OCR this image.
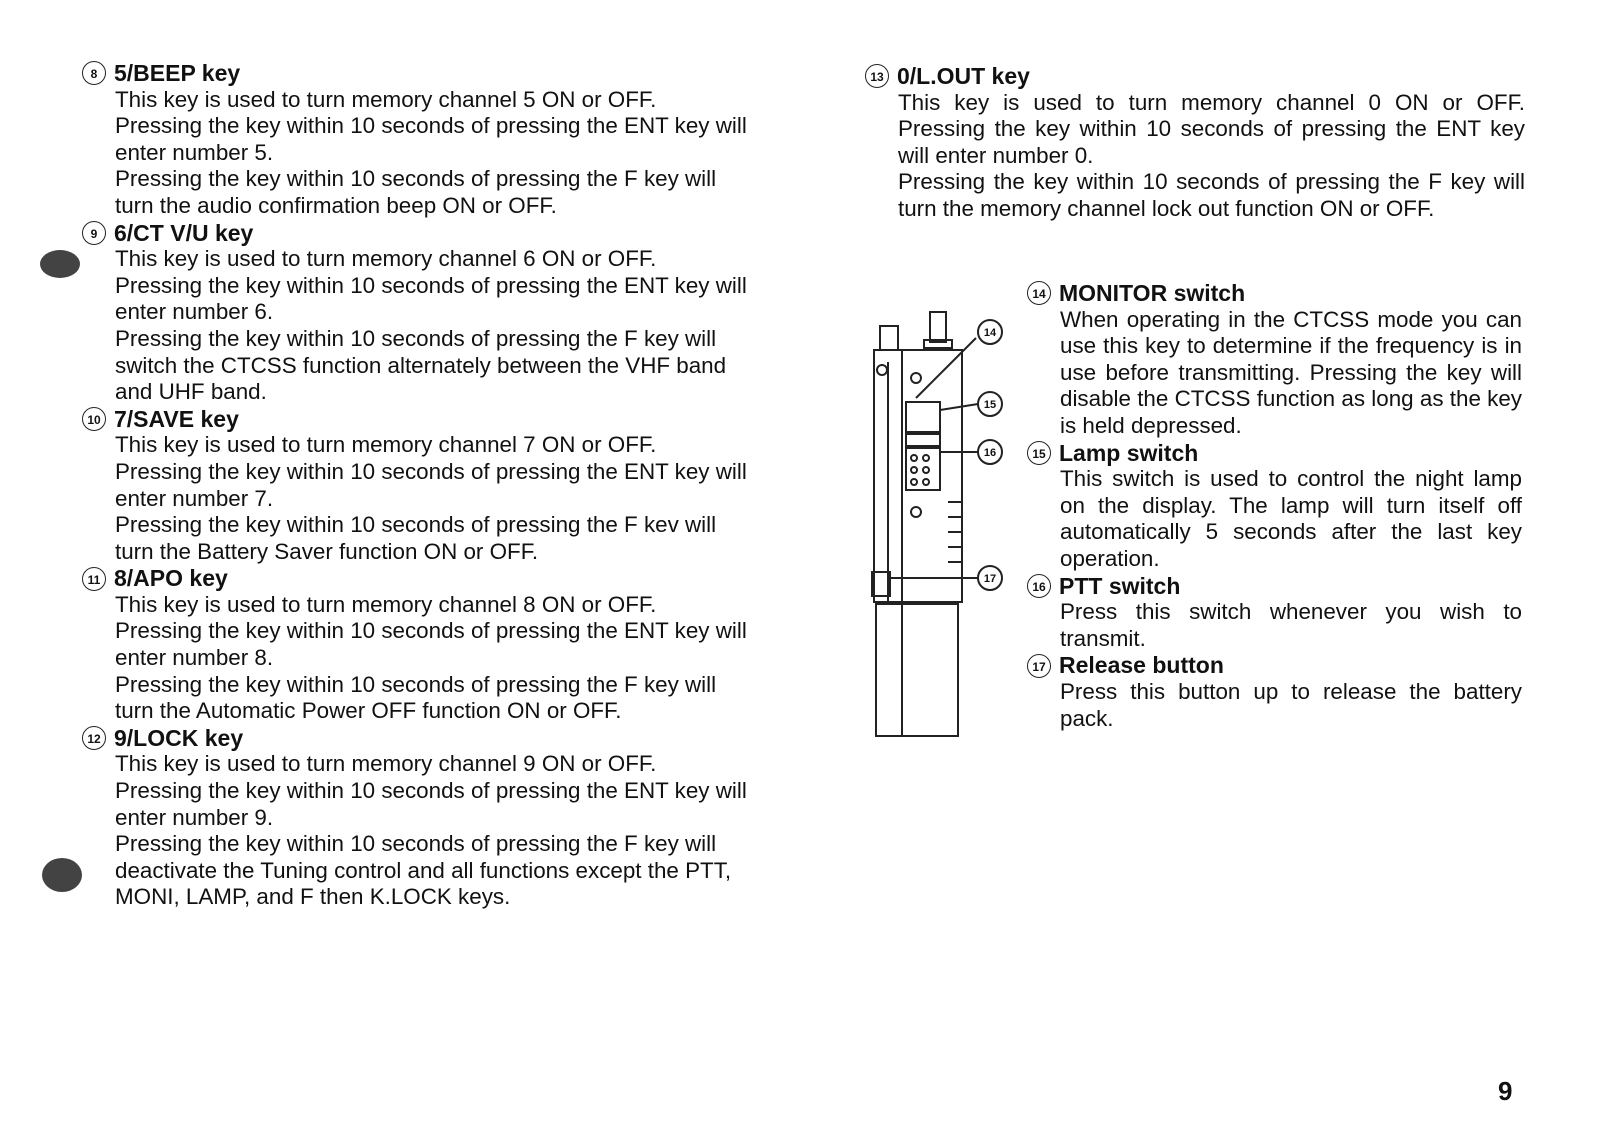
8 5/BEEP key

This key is used to turn memory channel 5 ON or OFF. Pressing the key within 10 seconds of pressing the ENT key will enter number 5.

Pressing the key within 10 seconds of pressing the F key will turn the audio confirmation beep ON or OFF.

9 6/CT V/U key

This key is used to turn memory channel 6 ON or OFF. Pressing the key within 10 seconds of pressing the ENT key will enter number 6.

Pressing the key within 10 seconds of pressing the F key will switch the CTCSS function alternately between the VHF band and UHF band.

10 7/SAVE key

This key is used to turn memory channel 7 ON or OFF. Pressing the key within 10 seconds of pressing the ENT key will enter number 7.

Pressing the key within 10 seconds of pressing the F kev will turn the Battery Saver function ON or OFF.

11 8/APO key

This key is used to turn memory channel 8 ON or OFF. Pressing the key within 10 seconds of pressing the ENT key will enter number 8.

Pressing the key within 10 seconds of pressing the F key will turn the Automatic Power OFF function ON or OFF.

12 9/LOCK key

This key is used to turn memory channel 9 ON or OFF. Pressing the key within 10 seconds of pressing the ENT key will enter number 9.

Pressing the key within 10 seconds of pressing the F key will deactivate the Tuning control and all functions except the PTT, MONI, LAMP, and F then K.LOCK keys.

13 0/L.OUT key

This key is used to turn memory channel 0 ON or OFF. Pressing the key within 10 seconds of pressing the ENT key will enter number 0.

Pressing the key within 10 seconds of pressing the F key will turn the memory channel lock out function ON or OFF.

14
15
16
17
14 MONITOR switch

When operating in the CTCSS mode you can use this key to determine if the frequency is in use before transmitting. Pressing the key will disable the CTCSS function as long as the key is held depressed.

15 Lamp switch

This switch is used to control the night lamp on the display. The lamp will turn itself off automatically 5 seconds after the last key operation.

16 PTT switch

Press this switch whenever you wish to transmit.

17 Release button

Press this button up to release the battery pack.

9
